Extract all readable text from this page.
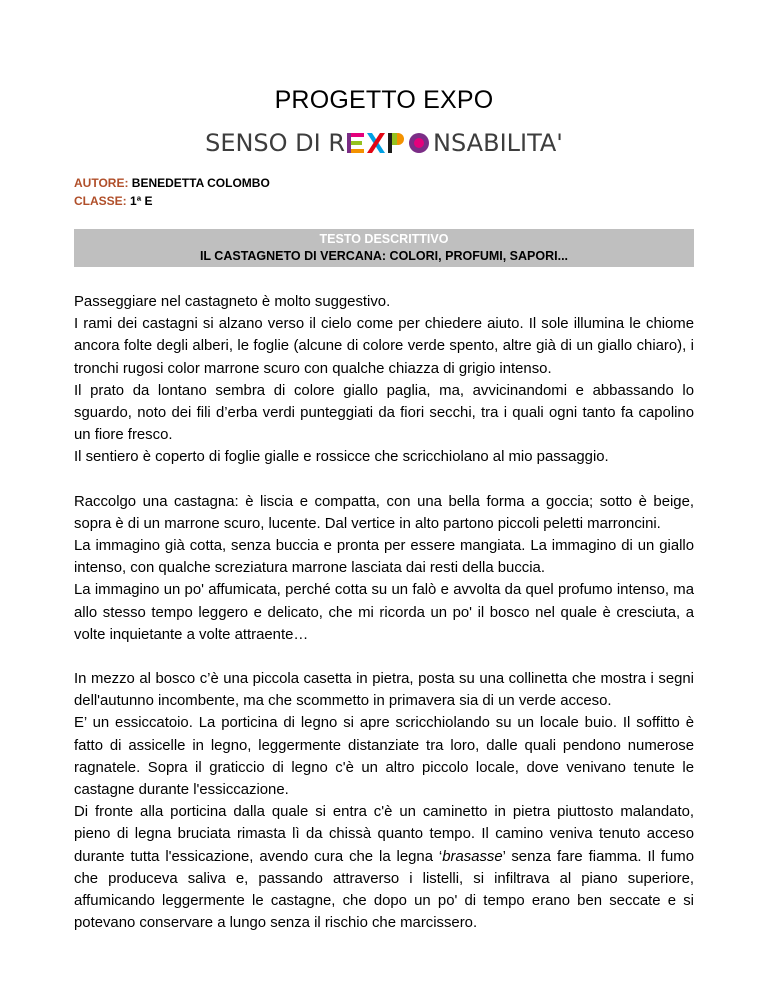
PROGETTO EXPO
SENSO DI R	NSABILITA'
AUTORE: BENEDETTA COLOMBO
CLASSE: 1ª E
TESTO DESCRITTIVO
IL CASTAGNETO DI VERCANA: COLORI, PROFUMI, SAPORI...

Passeggiare nel castagneto è molto suggestivo.

I rami dei castagni si alzano verso il cielo come per chiedere aiuto. Il sole illumina le chiome ancora folte degli alberi, le foglie (alcune di colore verde spento, altre già di un giallo chiaro), i tronchi rugosi color marrone scuro con qualche chiazza di grigio intenso.

Il prato da lontano sembra di colore giallo paglia, ma, avvicinandomi e abbassando lo sguardo, noto dei fili d’erba verdi punteggiati da fiori secchi, tra i quali ogni tanto fa capolino un fiore fresco.

Il sentiero è coperto di foglie gialle e rossicce che scricchiolano al mio passaggio.

Raccolgo una castagna: è liscia e compatta, con una bella forma a goccia; sotto è beige, sopra è di un marrone scuro, lucente. Dal vertice in alto partono piccoli peletti marroncini.

La immagino già cotta, senza buccia e pronta per essere mangiata. La immagino di un giallo intenso, con qualche screziatura marrone lasciata dai resti della buccia.

La immagino un po' affumicata, perché cotta su un falò e avvolta da quel profumo intenso, ma allo stesso tempo leggero e delicato, che mi ricorda un po' il bosco nel quale è cresciuta, a volte inquietante a volte attraente…

In mezzo al bosco c’è una piccola casetta in pietra, posta su una collinetta che mostra i segni dell'autunno incombente, ma che scommetto in primavera sia di un verde acceso.

E’ un essiccatoio. La porticina di legno si apre scricchiolando su un locale buio. Il soffitto è fatto di assicelle in legno, leggermente distanziate tra loro, dalle quali pendono numerose ragnatele. Sopra il graticcio di legno c'è un altro piccolo locale, dove venivano tenute le castagne durante l'essiccazione.

Di fronte alla porticina dalla quale si entra c'è un caminetto in pietra piuttosto malandato, pieno di legna bruciata rimasta lì da chissà quanto tempo. Il camino veniva tenuto acceso durante tutta l'essicazione, avendo cura che la legna ‘brasasse’ senza fare fiamma. Il fumo che produceva saliva e, passando attraverso i listelli, si infiltrava al piano superiore, affumicando leggermente le castagne, che dopo un po' di tempo erano ben seccate e si potevano conservare a lungo senza il rischio che marcissero.
